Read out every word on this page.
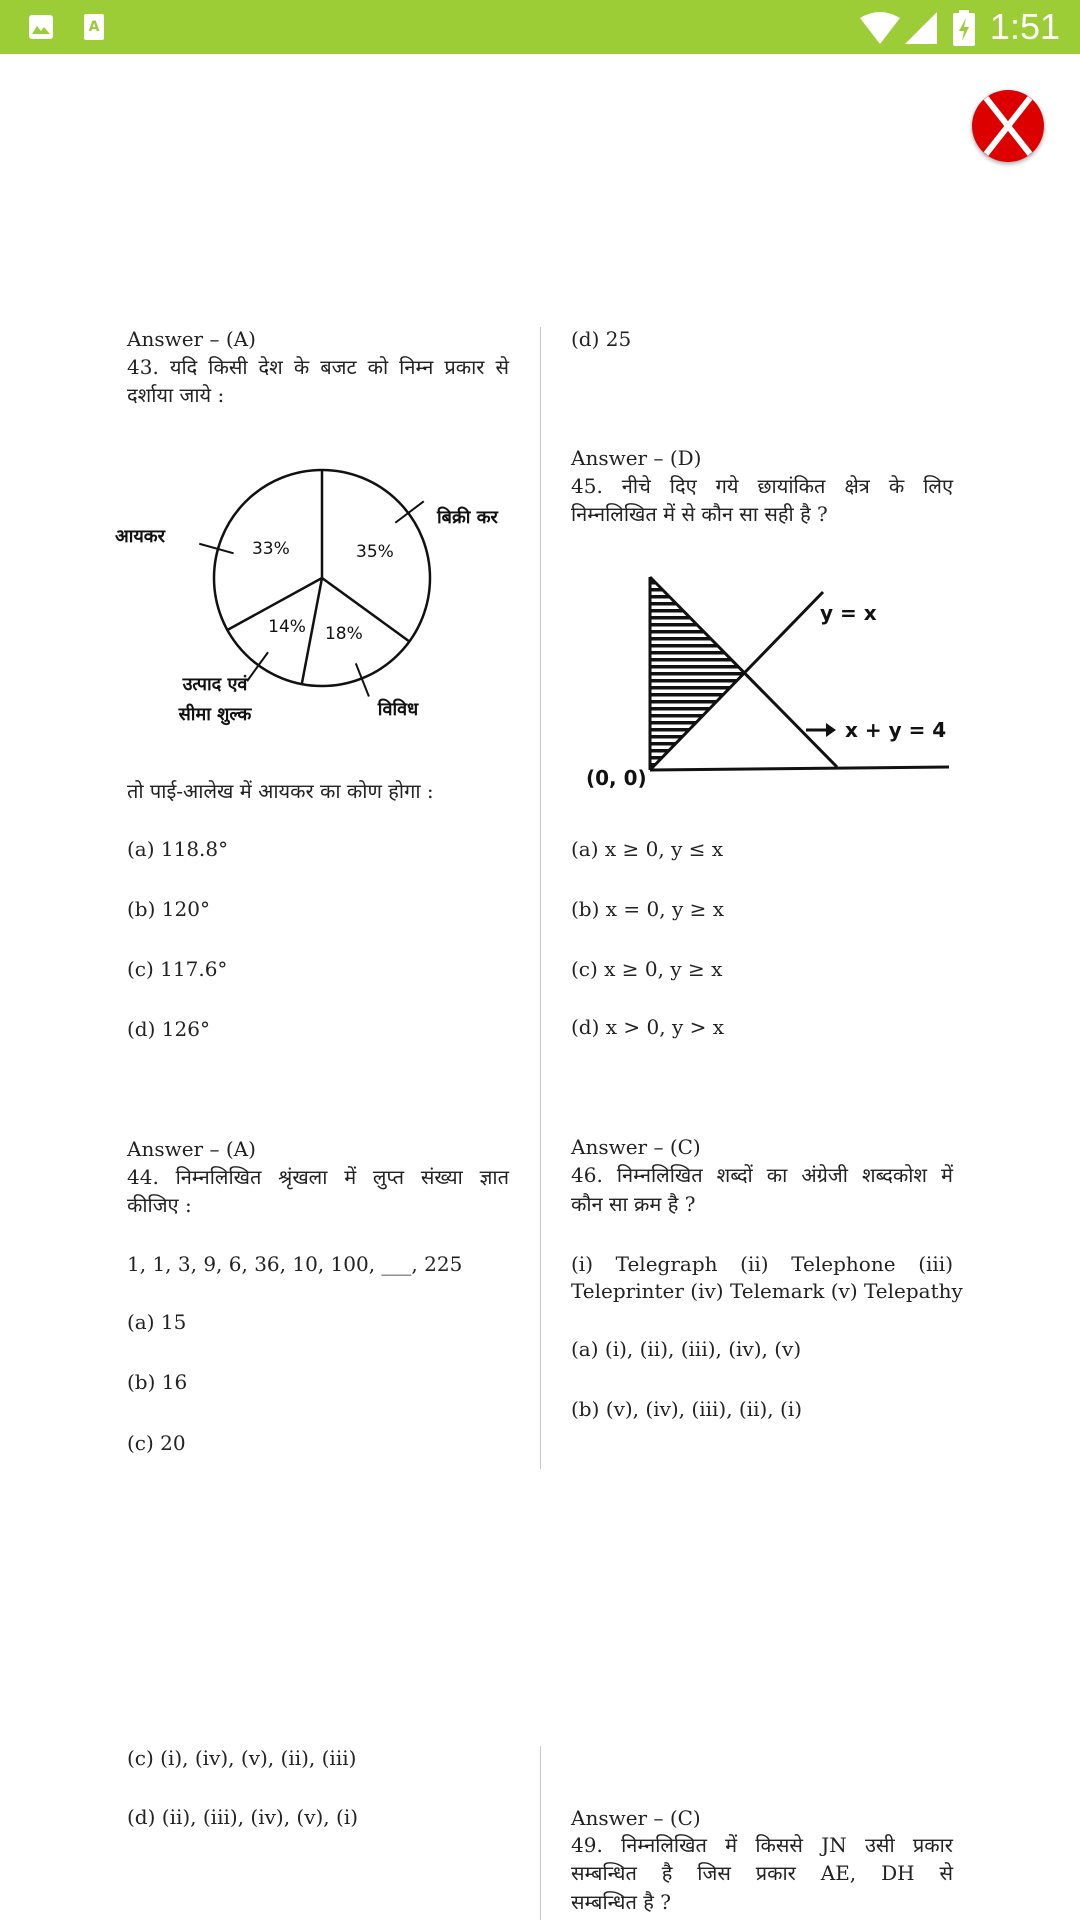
A	1:51
Answer – (A)
43. यदि किसी देश के बजट को निम्न प्रकार से
दर्शाया जाये :
35%
बिक्री कर
18%
विविध
14%
उत्पाद एवं
सीमा शुल्क
33%
आयकर
तो पाई-आलेख में आयकर का कोण होगा :
(a) 118.8°
(b) 120°
(c) 117.6°
(d) 126°
Answer – (A)
44. निम्नलिखित श्रृंखला में लुप्त संख्या ज्ञात
कीजिए :
1, 1, 3, 9, 6, 36, 10, 100, ___, 225
(a) 15
(b) 16
(c) 20
(d) 25
Answer – (D)
45. नीचे दिए गये छायांकित क्षेत्र के लिए
निम्नलिखित में से कौन सा सही है ?
y = x
x + y = 4
(0, 0)
(a) x ≥ 0, y ≤ x
(b) x = 0, y ≥ x
(c) x ≥ 0, y ≥ x
(d) x > 0, y > x
Answer – (C)
46. निम्नलिखित शब्दों का अंग्रेजी शब्दकोश में
कौन सा क्रम है ?
(i) Telegraph (ii) Telephone (iii)
Teleprinter (iv) Telemark (v) Telepathy
(a) (i), (ii), (iii), (iv), (v)
(b) (v), (iv), (iii), (ii), (i)
(c) (i), (iv), (v), (ii), (iii)
(d) (ii), (iii), (iv), (v), (i)	Answer – (C)
49. निम्नलिखित में किससे JN उसी प्रकार
सम्बन्धित है जिस प्रकार AE, DH से
सम्बन्धित है ?
